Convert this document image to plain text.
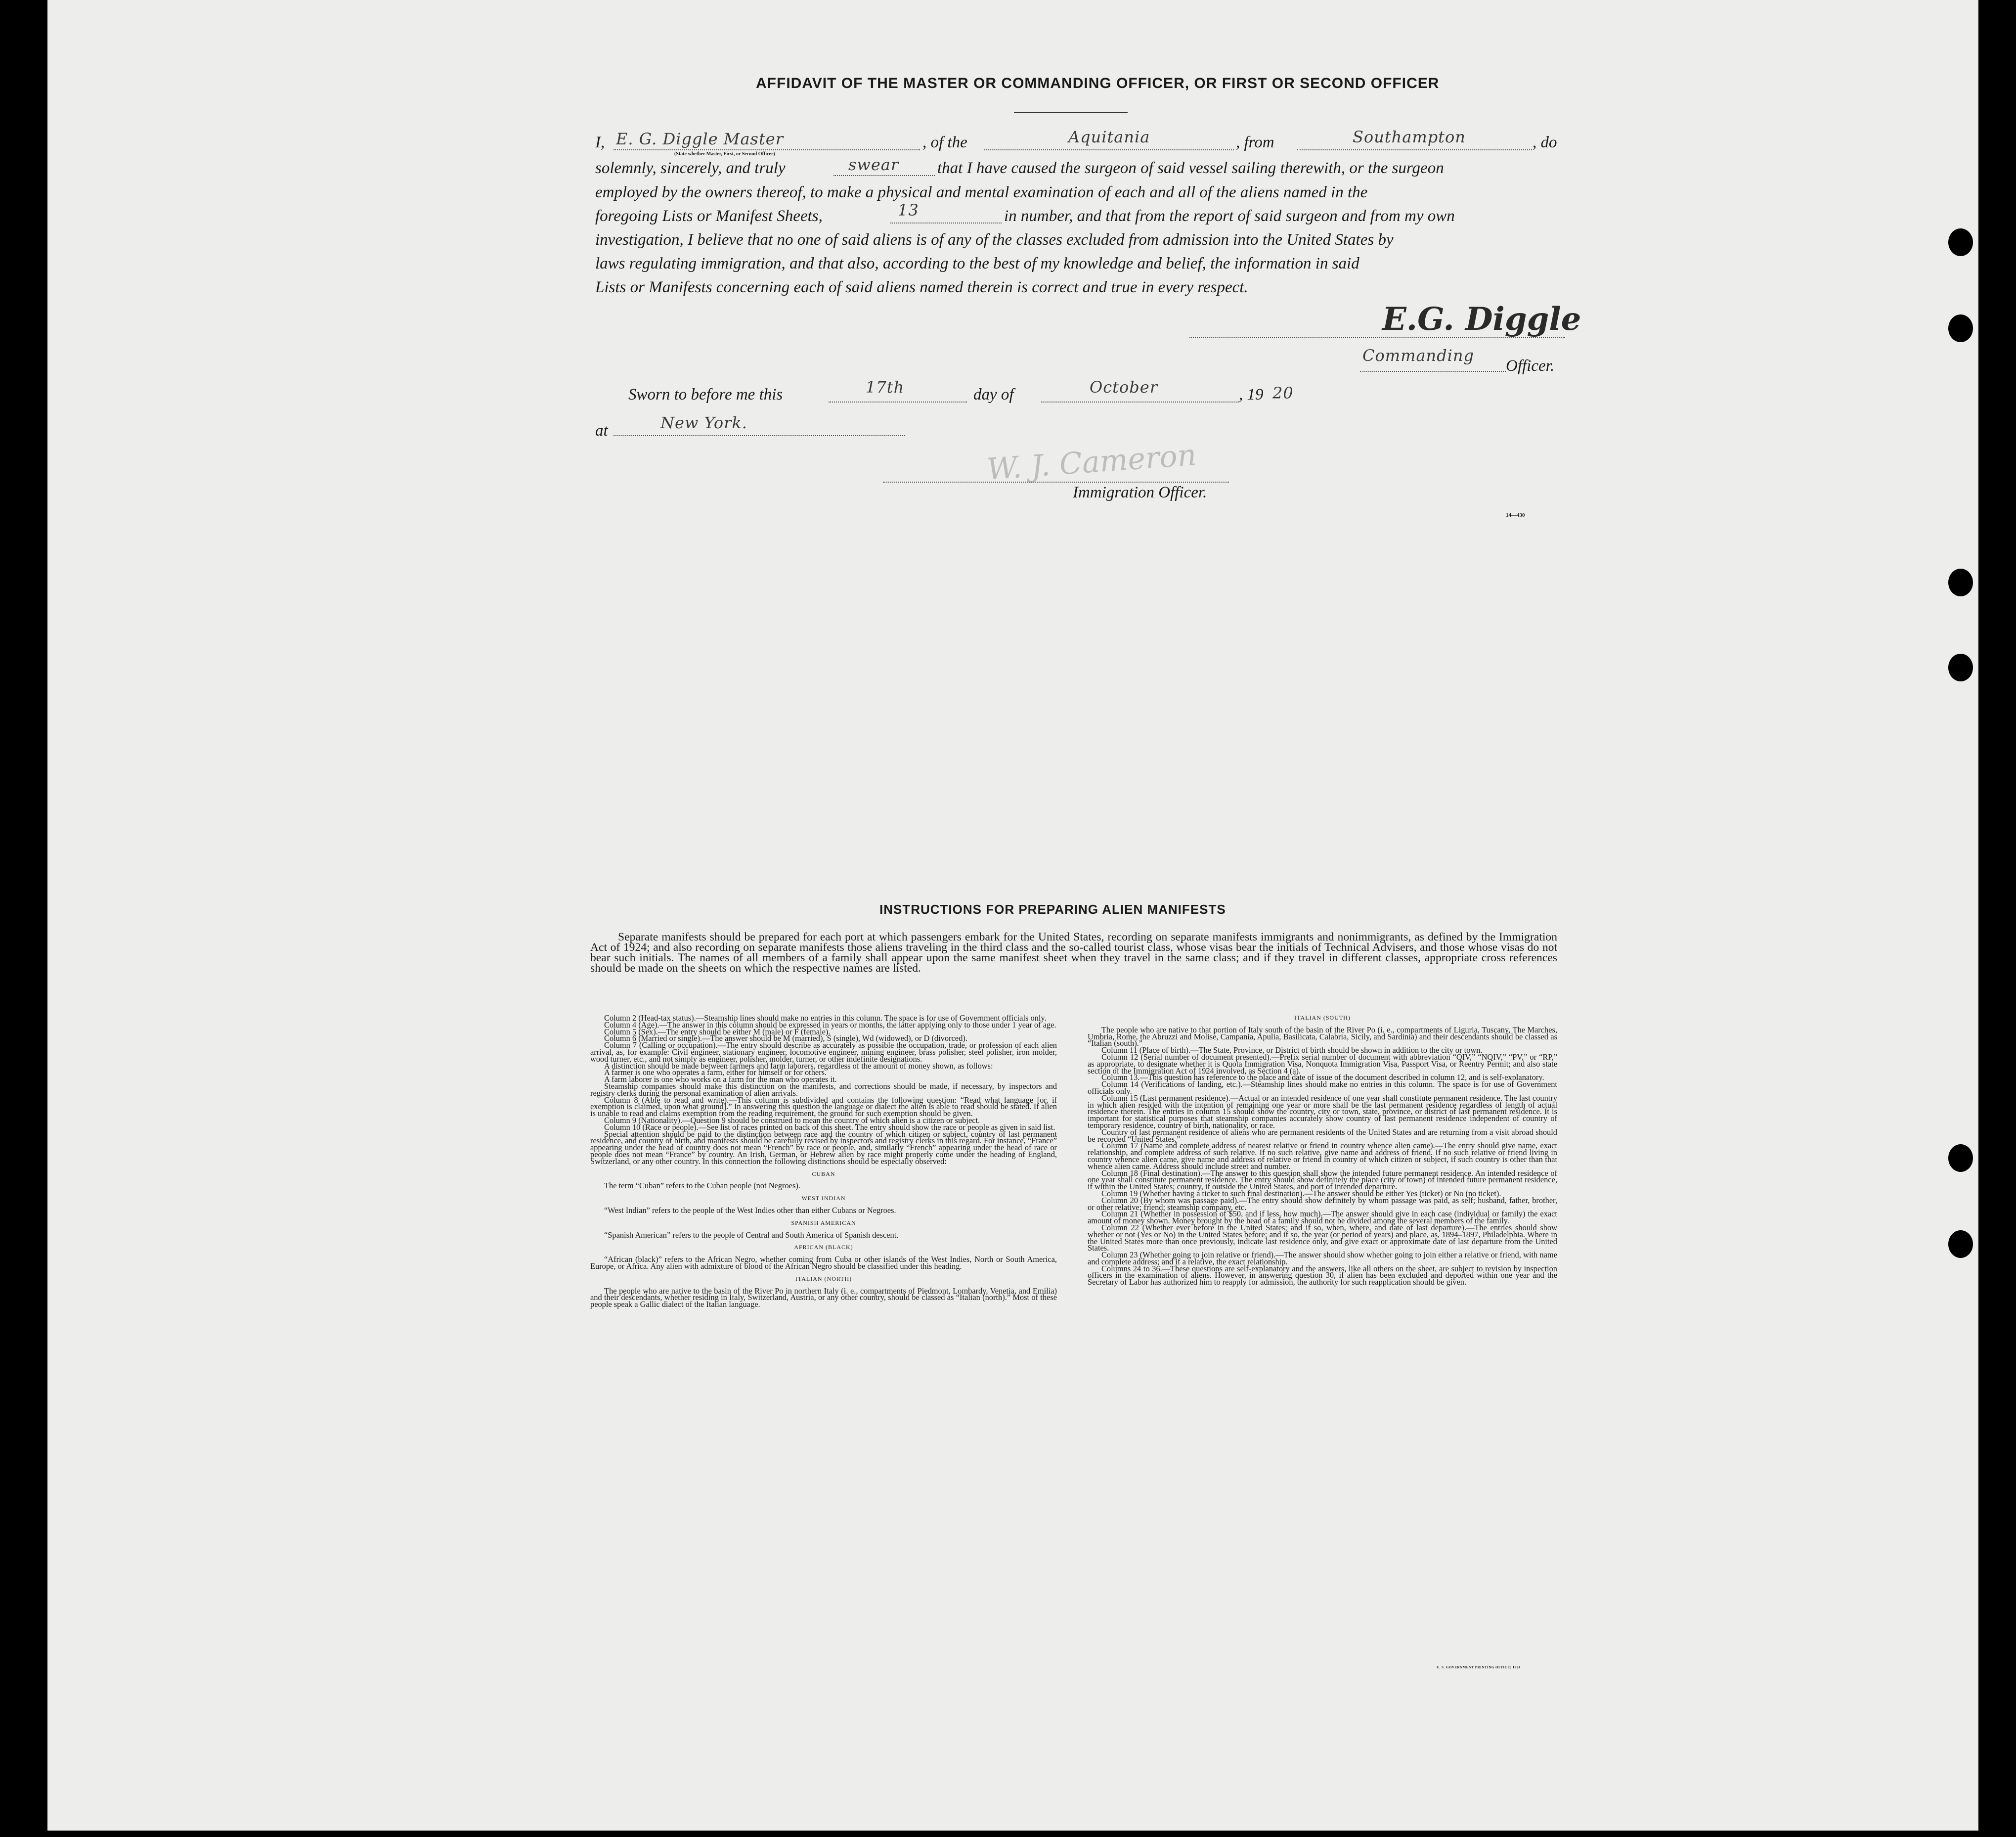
AFFIDAVIT OF THE MASTER OR COMMANDING OFFICER, OR FIRST OR SECOND OFFICER
I, E. G. Diggle Master
(State whether Master, First, or Second Officer)
, of the	Aquitania	, from	Southampton	, do
solemnly, sincerely, and truly	swear that I have caused the surgeon of said vessel sailing therewith, or the surgeon
employed by the owners thereof, to make a physical and mental examination of each and all of the aliens named in the
foregoing Lists or Manifest Sheets,	13	in number, and that from the report of said surgeon and from my own
investigation, I believe that no one of said aliens is of any of the classes excluded from admission into the United States by
laws regulating immigration, and that also, according to the best of my knowledge and belief, the information in said
Lists or Manifests concerning each of said aliens named therein is correct and true in every respect.
E.G. Diggle
Commanding
Officer.
Sworn to before me this	17th	day of	October	, 19 20
at	New York.
W. J. Cameron
Immigration Officer.
14—430
INSTRUCTIONS FOR PREPARING ALIEN MANIFESTS
Separate manifests should be prepared for each port at which passengers embark for the United States, recording on separate manifests immigrants and nonimmigrants, as defined by the Immigration Act of 1924; and also recording on separate manifests those aliens traveling in the third class and the so-called tourist class, whose visas bear the initials of Technical Advisers, and those whose visas do not bear such initials. The names of all members of a family shall appear upon the same manifest sheet when they travel in the same class; and if they travel in different classes, appropriate cross references should be made on the sheets on which the respective names are listed.

Column 2 (Head-tax status).—Steamship lines should make no entries in this column. The space is for use of Government officials only.

Column 4 (Age).—The answer in this column should be expressed in years or months, the latter applying only to those under 1 year of age.

Column 5 (Sex).—The entry should be either M (male) or F (female).

Column 6 (Married or single).—The answer should be M (married), S (single), Wd (widowed), or D (divorced).

Column 7 (Calling or occupation).—The entry should describe as accurately as possible the occupation, trade, or profession of each alien arrival, as, for example: Civil engineer, stationary engineer, locomotive engineer, mining engineer, brass polisher, steel polisher, iron molder, wood turner, etc., and not simply as engineer, polisher, molder, turner, or other indefinite designations.

A distinction should be made between farmers and farm laborers, regardless of the amount of money shown, as follows:

A farmer is one who operates a farm, either for himself or for others.

A farm laborer is one who works on a farm for the man who operates it.

Steamship companies should make this distinction on the manifests, and corrections should be made, if necessary, by inspectors and registry clerks during the personal examination of alien arrivals.

Column 8 (Able to read and write).—This column is subdivided and contains the following question: “Read what language [or, if exemption is claimed, upon what ground].” In answering this question the language or dialect the alien is able to read should be stated. If alien is unable to read and claims exemption from the reading requirement, the ground for such exemption should be given.

Column 9 (Nationality).—Question 9 should be construed to mean the country of which alien is a citizen or subject.

Column 10 (Race or people).—See list of races printed on back of this sheet. The entry should show the race or people as given in said list.

Special attention should be paid to the distinction between race and the country of which citizen or subject, country of last permanent residence, and country of birth, and manifests should be carefully revised by inspectors and registry clerks in this regard. For instance, “France” appearing under the head of country does not mean “French” by race or people, and, similarly “French” appearing under the head of race or people does not mean “France” by country. An Irish, German, or Hebrew alien by race might properly come under the heading of England, Switzerland, or any other country. In this connection the following distinctions should be especially observed:

CUBAN

The term “Cuban” refers to the Cuban people (not Negroes).

WEST INDIAN

“West Indian” refers to the people of the West Indies other than either Cubans or Negroes.

SPANISH AMERICAN

“Spanish American” refers to the people of Central and South America of Spanish descent.

AFRICAN (BLACK)

“African (black)” refers to the African Negro, whether coming from Cuba or other islands of the West Indies, North or South America, Europe, or Africa. Any alien with admixture of blood of the African Negro should be classified under this heading.

ITALIAN (NORTH)

The people who are native to the basin of the River Po in northern Italy (i. e., compartments of Piedmont, Lombardy, Venetia, and Emilia) and their descendants, whether residing in Italy, Switzerland, Austria, or any other country, should be classed as “Italian (north).” Most of these people speak a Gallic dialect of the Italian language.

ITALIAN (SOUTH)

The people who are native to that portion of Italy south of the basin of the River Po (i. e., compartments of Liguria, Tuscany, The Marches, Umbria, Rome, the Abruzzi and Molise, Campania, Apulia, Basilicata, Calabria, Sicily, and Sardinia) and their descendants should be classed as “Italian (south).”

Column 11 (Place of birth).—The State, Province, or District of birth should be shown in addition to the city or town.

Column 12 (Serial number of document presented).—Prefix serial number of document with abbreviation “QIV,” “NQIV,” “PV,” or “RP,” as appropriate, to designate whether it is Quota Immigration Visa, Nonquota Immigration Visa, Passport Visa, or Reentry Permit; and also state section of the Immigration Act of 1924 involved, as Section 4 (a).

Column 13.—This question has reference to the place and date of issue of the document described in column 12, and is self-explanatory.

Column 14 (Verifications of landing, etc.).—Steamship lines should make no entries in this column. The space is for use of Government officials only.

Column 15 (Last permanent residence).—Actual or an intended residence of one year shall constitute permanent residence. The last country in which alien resided with the intention of remaining one year or more shall be the last permanent residence regardless of length of actual residence therein. The entries in column 15 should show the country, city or town, state, province, or district of last permanent residence. It is important for statistical purposes that steamship companies accurately show country of last permanent residence independent of country of temporary residence, country of birth, nationality, or race.

Country of last permanent residence of aliens who are permanent residents of the United States and are returning from a visit abroad should be recorded “United States.”

Column 17 (Name and complete address of nearest relative or friend in country whence alien came).—The entry should give name, exact relationship, and complete address of such relative. If no such relative, give name and address of friend. If no such relative or friend living in country whence alien came, give name and address of relative or friend in country of which citizen or subject, if such country is other than that whence alien came. Address should include street and number.

Column 18 (Final destination).—The answer to this question shall show the intended future permanent residence. An intended residence of one year shall constitute permanent residence. The entry should show definitely the place (city or town) of intended future permanent residence, if within the United States; country, if outside the United States, and port of intended departure.

Column 19 (Whether having a ticket to such final destination).—The answer should be either Yes (ticket) or No (no ticket).

Column 20 (By whom was passage paid).—The entry should show definitely by whom passage was paid, as self; husband, father, brother, or other relative; friend; steamship company, etc.

Column 21 (Whether in possession of $50, and if less, how much).—The answer should give in each case (individual or family) the exact amount of money shown. Money brought by the head of a family should not be divided among the several members of the family.

Column 22 (Whether ever before in the United States; and if so, when, where, and date of last departure).—The entries should show whether or not (Yes or No) in the United States before; and if so, the year (or period of years) and place, as, 1894–1897, Philadelphia. Where in the United States more than once previously, indicate last residence only, and give exact or approximate date of last departure from the United States.

Column 23 (Whether going to join relative or friend).—The answer should show whether going to join either a relative or friend, with name and complete address; and if a relative, the exact relationship.

Columns 24 to 36.—These questions are self-explanatory and the answers, like all others on the sheet, are subject to revision by inspection officers in the examination of aliens. However, in answering question 30, if alien has been excluded and deported within one year and the Secretary of Labor has authorized him to reapply for admission, the authority for such reapplication should be given.

U. S. GOVERNMENT PRINTING OFFICE: 1924
